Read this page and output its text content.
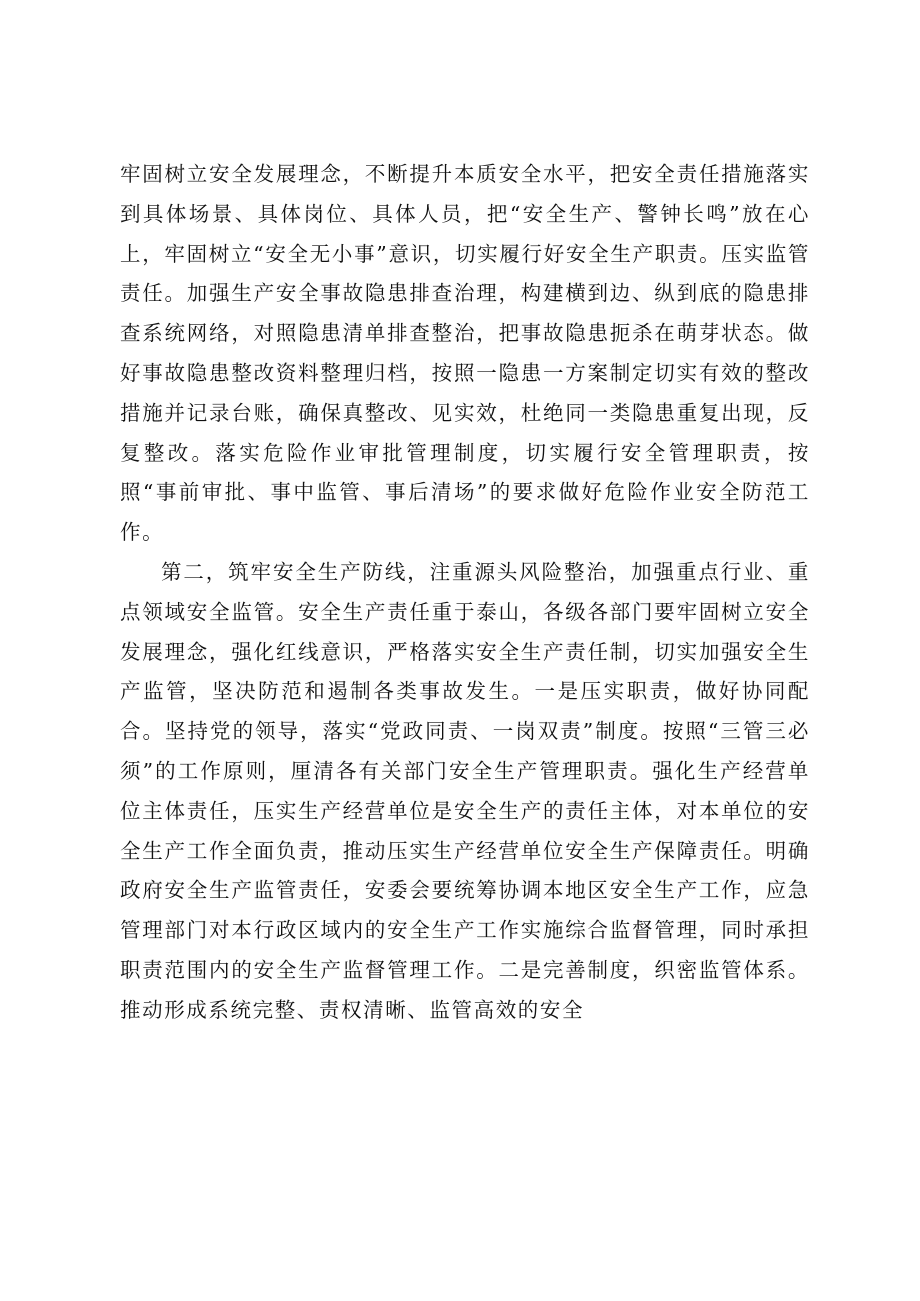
牢固树立安全发展理念，不断提升本质安全水平，把安全责任措施落实到具体场景、具体岗位、具体人员，把“安全生产、警钟长鸣”放在心上，牢固树立“安全无小事”意识，切实履行好安全生产职责。压实监管责任。加强生产安全事故隐患排查治理，构建横到边、纵到底的隐患排查系统网络，对照隐患清单排查整治，把事故隐患扼杀在萌芽状态。做好事故隐患整改资料整理归档，按照一隐患一方案制定切实有效的整改措施并记录台账，确保真整改、见实效，杜绝同一类隐患重复出现，反复整改。落实危险作业审批管理制度，切实履行安全管理职责，按照“事前审批、事中监管、事后清场”的要求做好危险作业安全防范工作。

第二，筑牢安全生产防线，注重源头风险整治，加强重点行业、重点领域安全监管。安全生产责任重于泰山，各级各部门要牢固树立安全发展理念，强化红线意识，严格落实安全生产责任制，切实加强安全生产监管，坚决防范和遏制各类事故发生。一是压实职责，做好协同配合。坚持党的领导，落实“党政同责、一岗双责”制度。按照“三管三必须”的工作原则，厘清各有关部门安全生产管理职责。强化生产经营单位主体责任，压实生产经营单位是安全生产的责任主体，对本单位的安全生产工作全面负责，推动压实生产经营单位安全生产保障责任。明确政府安全生产监管责任，安委会要统筹协调本地区安全生产工作，应急管理部门对本行政区域内的安全生产工作实施综合监督管理，同时承担职责范围内的安全生产监督管理工作。二是完善制度，织密监管体系。推动形成系统完整、责权清晰、监管高效的安全
